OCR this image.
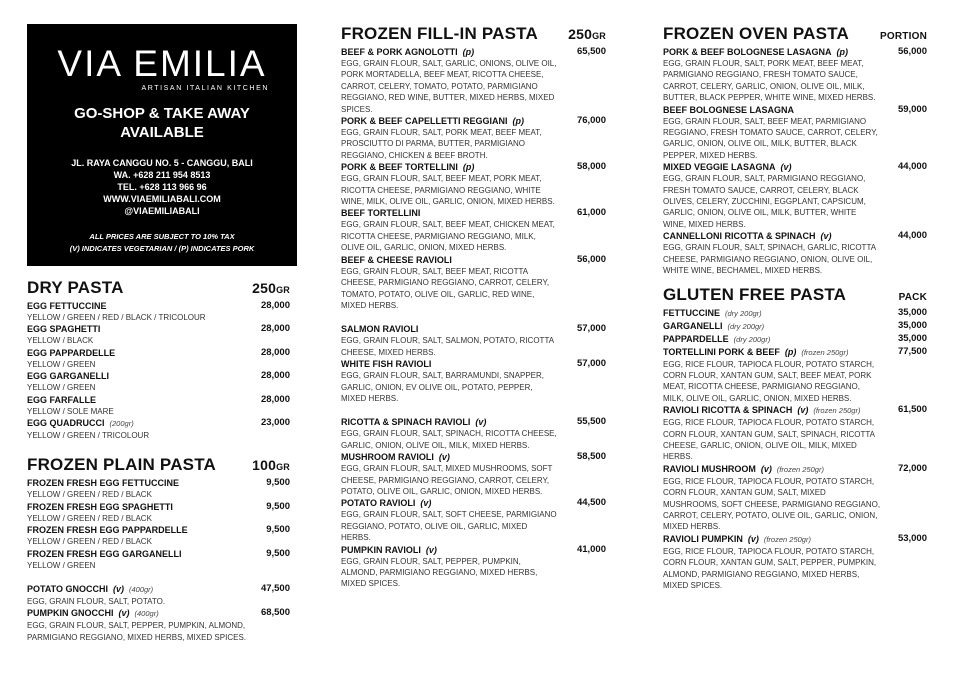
VIA EMILIA
ARTISAN ITALIAN KITCHEN
GO-SHOP & TAKE AWAY
AVAILABLE
JL. RAYA CANGGU NO. 5 - CANGGU, BALI
WA. +628 211 954 8513
TEL. +628 113 966 96
WWW.VIAEMILIABALI.COM
@VIAEMILIABALI
ALL PRICES ARE SUBJECT TO 10% TAX
(V) INDICATES VEGETARIAN / (P) INDICATES PORK
DRY PASTA	250GR
EGG FETTUCCINE	28,000
YELLOW / GREEN / RED / BLACK / TRICOLOUR
EGG SPAGHETTI	28,000
YELLOW / BLACK
EGG PAPPARDELLE	28,000
YELLOW / GREEN
EGG GARGANELLI	28,000
YELLOW / GREEN
EGG FARFALLE	28,000
YELLOW / SOLE MARE
EGG QUADRUCCI (200gr)	23,000
YELLOW / GREEN / TRICOLOUR
FROZEN PLAIN PASTA	100GR
FROZEN FRESH EGG FETTUCCINE	9,500
YELLOW / GREEN / RED / BLACK
FROZEN FRESH EGG SPAGHETTI	9,500
YELLOW / GREEN / RED / BLACK
FROZEN FRESH EGG PAPPARDELLE	9,500
YELLOW / GREEN / RED / BLACK
FROZEN FRESH EGG GARGANELLI	9,500
YELLOW / GREEN
POTATO GNOCCHI (v) (400gr)	47,500
EGG, GRAIN FLOUR, SALT, POTATO.
PUMPKIN GNOCCHI (v) (400gr)	68,500
EGG, GRAIN FLOUR, SALT, PEPPER, PUMPKIN, ALMOND, PARMIGIANO REGGIANO, MIXED HERBS, MIXED SPICES.
FROZEN FILL-IN PASTA 250GR
BEEF & PORK AGNOLOTTI (p)	65,500
EGG, GRAIN FLOUR, SALT, GARLIC, ONIONS, OLIVE OIL, PORK MORTADELLA, BEEF MEAT, RICOTTA CHEESE, CARROT, CELERY, TOMATO, POTATO, PARMIGIANO REGGIANO, RED WINE, BUTTER, MIXED HERBS, MIXED SPICES.
PORK & BEEF CAPELLETTI REGGIANI (p)	76,000
EGG, GRAIN FLOUR, SALT, PORK MEAT, BEEF MEAT, PROSCIUTTO DI PARMA, BUTTER, PARMIGIANO REGGIANO, CHICKEN & BEEF BROTH.
PORK & BEEF TORTELLINI (p)	58,000
EGG, GRAIN FLOUR, SALT, BEEF MEAT, PORK MEAT, RICOTTA CHEESE, PARMIGIANO REGGIANO, WHITE WINE, MILK, OLIVE OIL, GARLIC, ONION, MIXED HERBS.
BEEF TORTELLINI	61,000
EGG, GRAIN FLOUR, SALT, BEEF MEAT, CHICKEN MEAT, RICOTTA CHEESE, PARMIGIANO REGGIANO, MILK, OLIVE OIL, GARLIC, ONION, MIXED HERBS.
BEEF & CHEESE RAVIOLI	56,000
EGG, GRAIN FLOUR, SALT, BEEF MEAT, RICOTTA CHEESE, PARMIGIANO REGGIANO, CARROT, CELERY, TOMATO, POTATO, OLIVE OIL, GARLIC, RED WINE, MIXED HERBS.
SALMON RAVIOLI	57,000
EGG, GRAIN FLOUR, SALT, SALMON, POTATO, RICOTTA CHEESE, MIXED HERBS.
WHITE FISH RAVIOLI	57,000
EGG, GRAIN FLOUR, SALT, BARRAMUNDI, SNAPPER, GARLIC, ONION, EV OLIVE OIL, POTATO, PEPPER, MIXED HERBS.
RICOTTA & SPINACH RAVIOLI (v)	55,500
EGG, GRAIN FLOUR, SALT, SPINACH, RICOTTA CHEESE, GARLIC, ONION, OLIVE OIL, MILK, MIXED HERBS.
MUSHROOM RAVIOLI (v)	58,500
EGG, GRAIN FLOUR, SALT, MIXED MUSHROOMS, SOFT CHEESE, PARMIGIANO REGGIANO, CARROT, CELERY, POTATO, OLIVE OIL, GARLIC, ONION, MIXED HERBS.
POTATO RAVIOLI (v)	44,500
EGG, GRAIN FLOUR, SALT, SOFT CHEESE, PARMIGIANO REGGIANO, POTATO, OLIVE OIL, GARLIC, MIXED HERBS.
PUMPKIN RAVIOLI (v)	41,000
EGG, GRAIN FLOUR, SALT, PEPPER, PUMPKIN, ALMOND, PARMIGIANO REGGIANO, MIXED HERBS, MIXED SPICES.
FROZEN OVEN PASTA	PORTION
PORK & BEEF BOLOGNESE LASAGNA (p)	56,000
EGG, GRAIN FLOUR, SALT, PORK MEAT, BEEF MEAT, PARMIGIANO REGGIANO, FRESH TOMATO SAUCE, CARROT, CELERY, GARLIC, ONION, OLIVE OIL, MILK, BUTTER, BLACK PEPPER, WHITE WINE, MIXED HERBS.
BEEF BOLOGNESE LASAGNA	59,000
EGG, GRAIN FLOUR, SALT, BEEF MEAT, PARMIGIANO REGGIANO, FRESH TOMATO SAUCE, CARROT, CELERY, GARLIC, ONION, OLIVE OIL, MILK, BUTTER, BLACK PEPPER, MIXED HERBS.
MIXED VEGGIE LASAGNA (v)	44,000
EGG, GRAIN FLOUR, SALT, PARMIGIANO REGGIANO, FRESH TOMATO SAUCE, CARROT, CELERY, BLACK OLIVES, CELERY, ZUCCHINI, EGGPLANT, CAPSICUM, GARLIC, ONION, OLIVE OIL, MILK, BUTTER, WHITE WINE, MIXED HERBS.
CANNELLONI RICOTTA & SPINACH (v)	44,000
EGG, GRAIN FLOUR, SALT, SPINACH, GARLIC, RICOTTA CHEESE, PARMIGIANO REGGIANO, ONION, OLIVE OIL, WHITE WINE, BECHAMEL, MIXED HERBS.
GLUTEN FREE PASTA	PACK
FETTUCCINE (dry 200gr)	35,000
GARGANELLI (dry 200gr)	35,000
PAPPARDELLE (dry 200gr)	35,000
TORTELLINI PORK & BEEF (p) (frozen 250gr)	77,500
EGG, RICE FLOUR, TAPIOCA FLOUR, POTATO STARCH, CORN FLOUR, XANTAN GUM, SALT, BEEF MEAT, PORK MEAT, RICOTTA CHEESE, PARMIGIANO REGGIANO, MILK, OLIVE OIL, GARLIC, ONION, MIXED HERBS.
RAVIOLI RICOTTA & SPINACH (v) (frozen 250gr)	61,500
EGG, RICE FLOUR, TAPIOCA FLOUR, POTATO STARCH, CORN FLOUR, XANTAN GUM, SALT, SPINACH, RICOTTA CHEESE, GARLIC, ONION, OLIVE OIL, MILK, MIXED HERBS.
RAVIOLI MUSHROOM (v) (frozen 250gr)	72,000
EGG, RICE FLOUR, TAPIOCA FLOUR, POTATO STARCH, CORN FLOUR, XANTAN GUM, SALT, MIXED MUSHROOMS, SOFT CHEESE, PARMIGIANO REGGIANO, CARROT, CELERY, POTATO, OLIVE OIL, GARLIC, ONION, MIXED HERBS.
RAVIOLI PUMPKIN (v) (frozen 250gr)	53,000
EGG, RICE FLOUR, TAPIOCA FLOUR, POTATO STARCH, CORN FLOUR, XANTAN GUM, SALT, PEPPER, PUMPKIN, ALMOND, PARMIGIANO REGGIANO, MIXED HERBS, MIXED SPICES.
